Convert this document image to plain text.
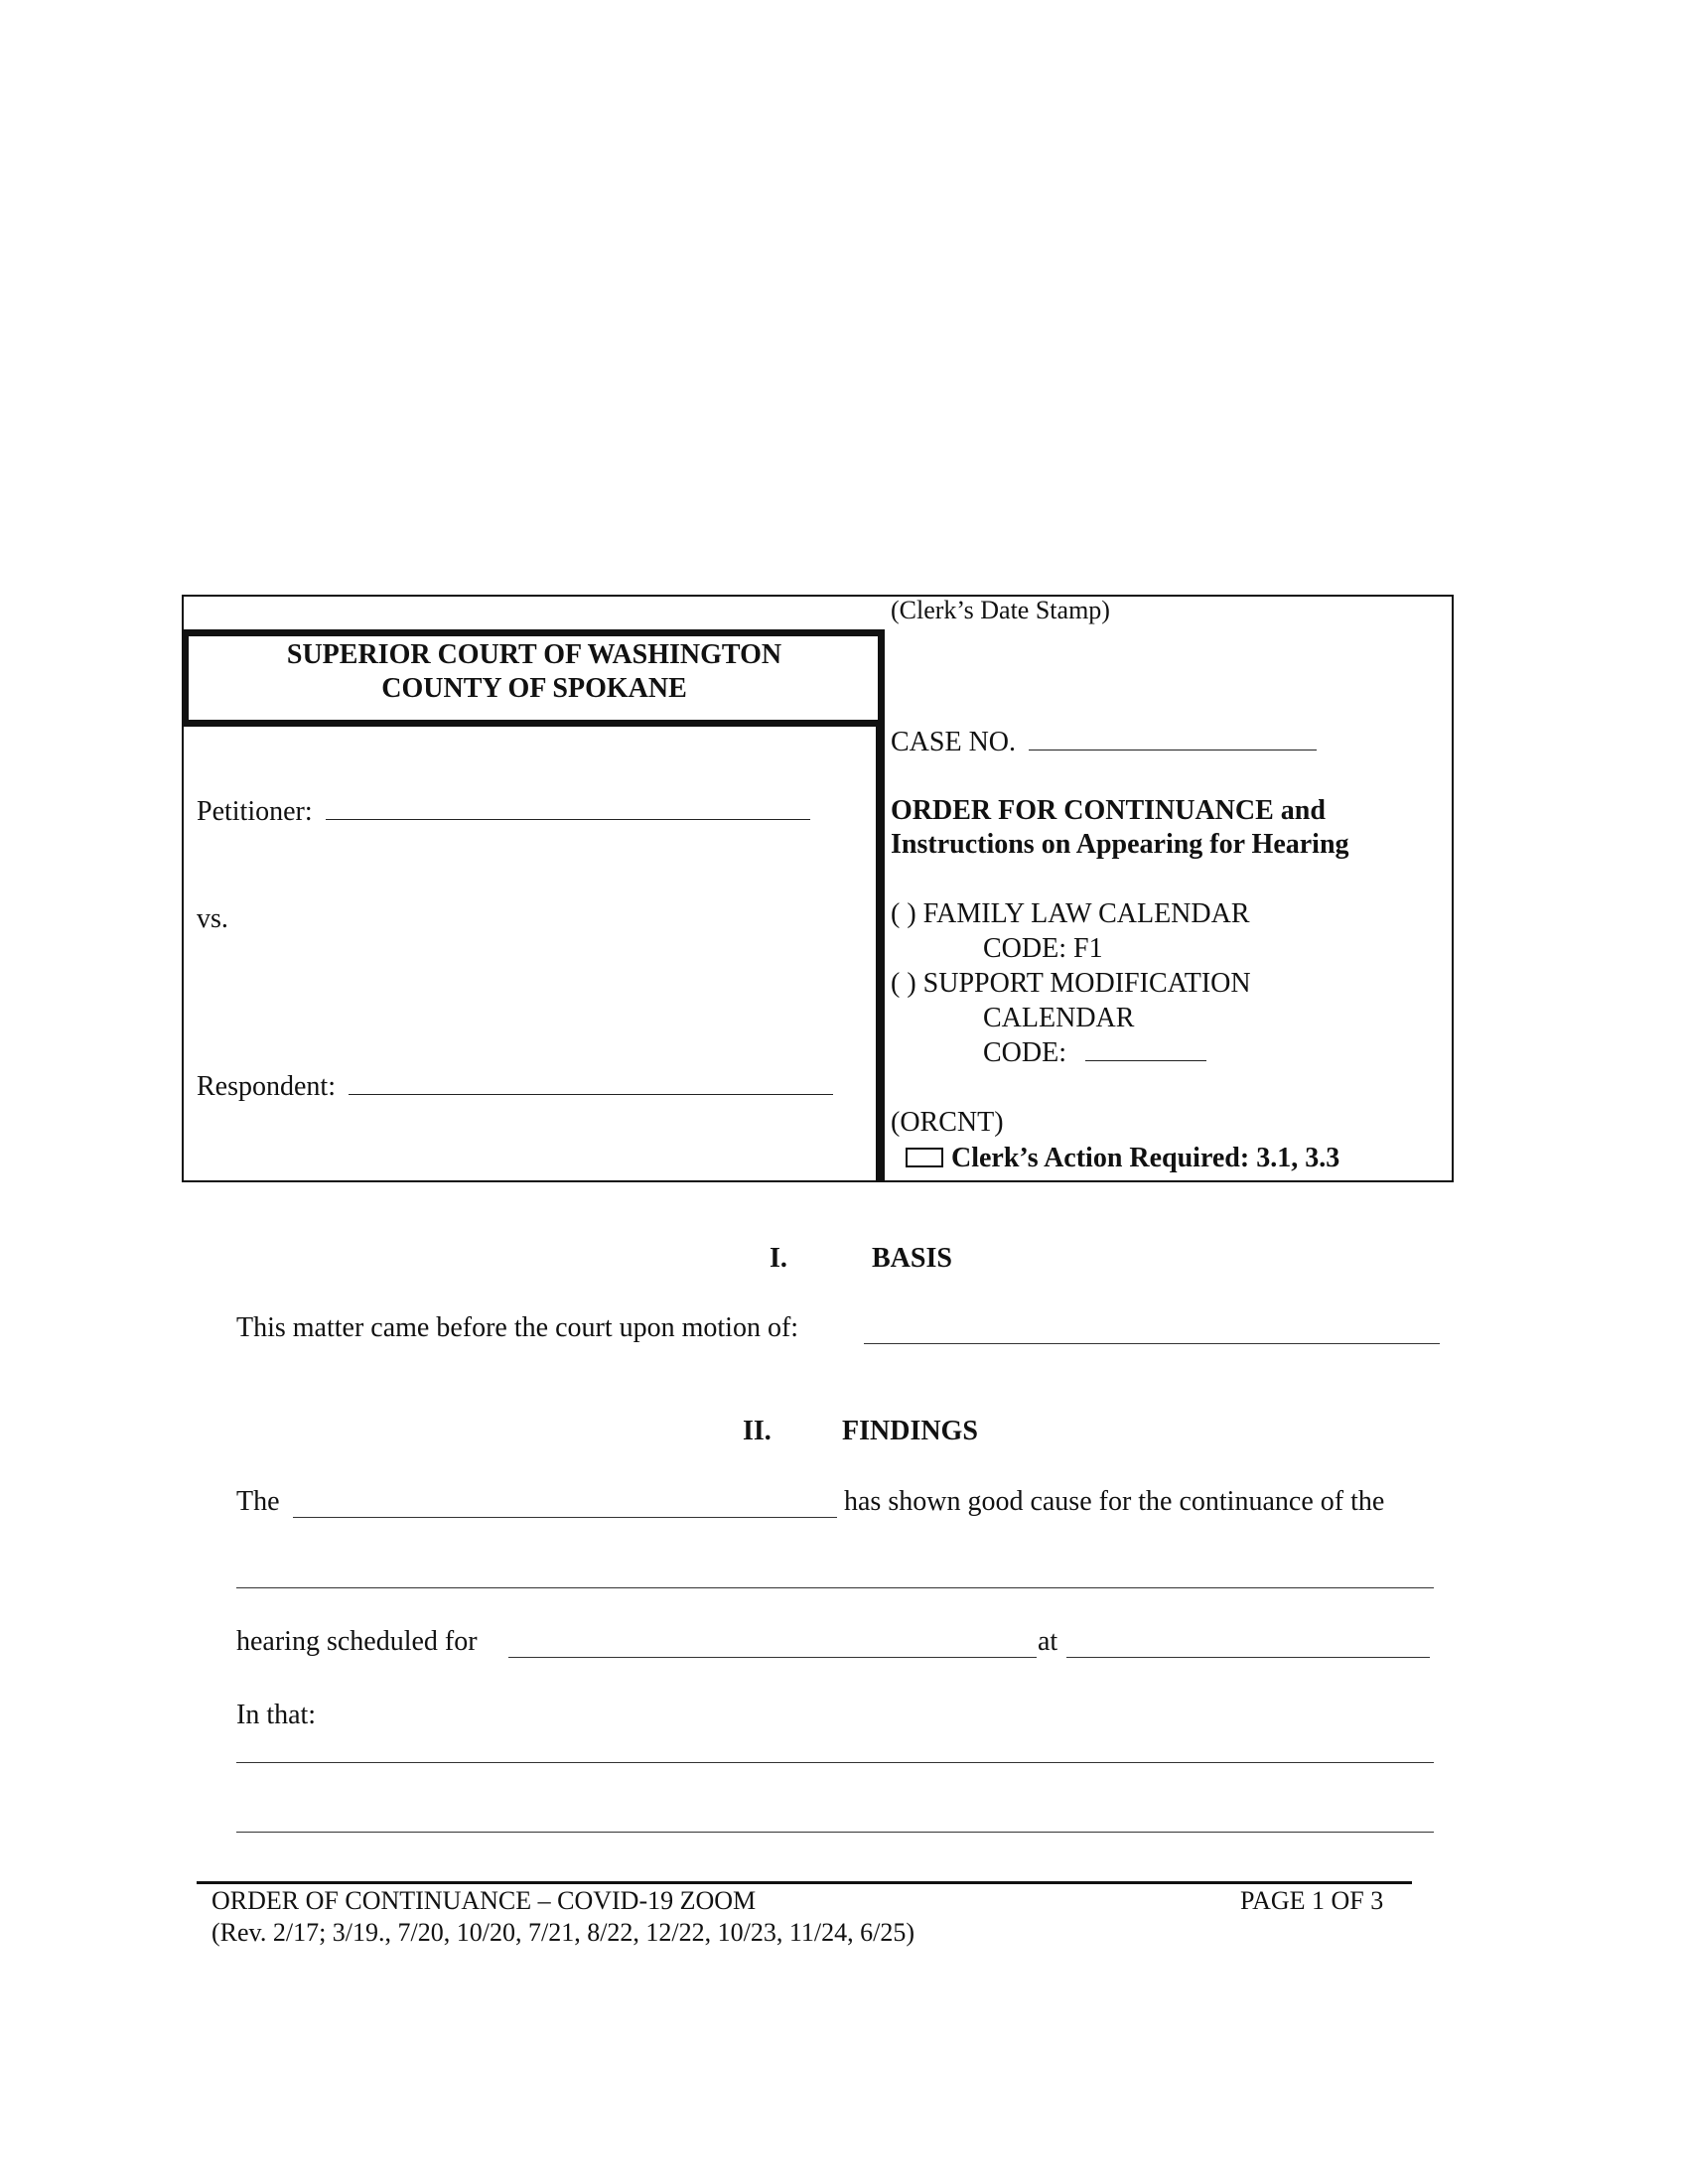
SUPERIOR COURT OF WASHINGTON
COUNTY OF SPOKANE
(Clerk’s Date Stamp)
Petitioner:
vs.
Respondent:
CASE NO.
ORDER FOR CONTINUANCE and
Instructions on Appearing for Hearing
( ) FAMILY LAW CALENDAR
CODE: F1
( ) SUPPORT MODIFICATION
CALENDAR
CODE:
(ORCNT)
Clerk’s Action Required: 3.1, 3.3
I.	BASIS
This matter came before the court upon motion of:
II.	FINDINGS
The	has shown good cause for the continuance of the
hearing scheduled for	at
In that:
ORDER OF CONTINUANCE – COVID-19 ZOOM	PAGE 1 OF 3
(Rev. 2/17; 3/19., 7/20, 10/20, 7/21, 8/22, 12/22, 10/23, 11/24, 6/25)
